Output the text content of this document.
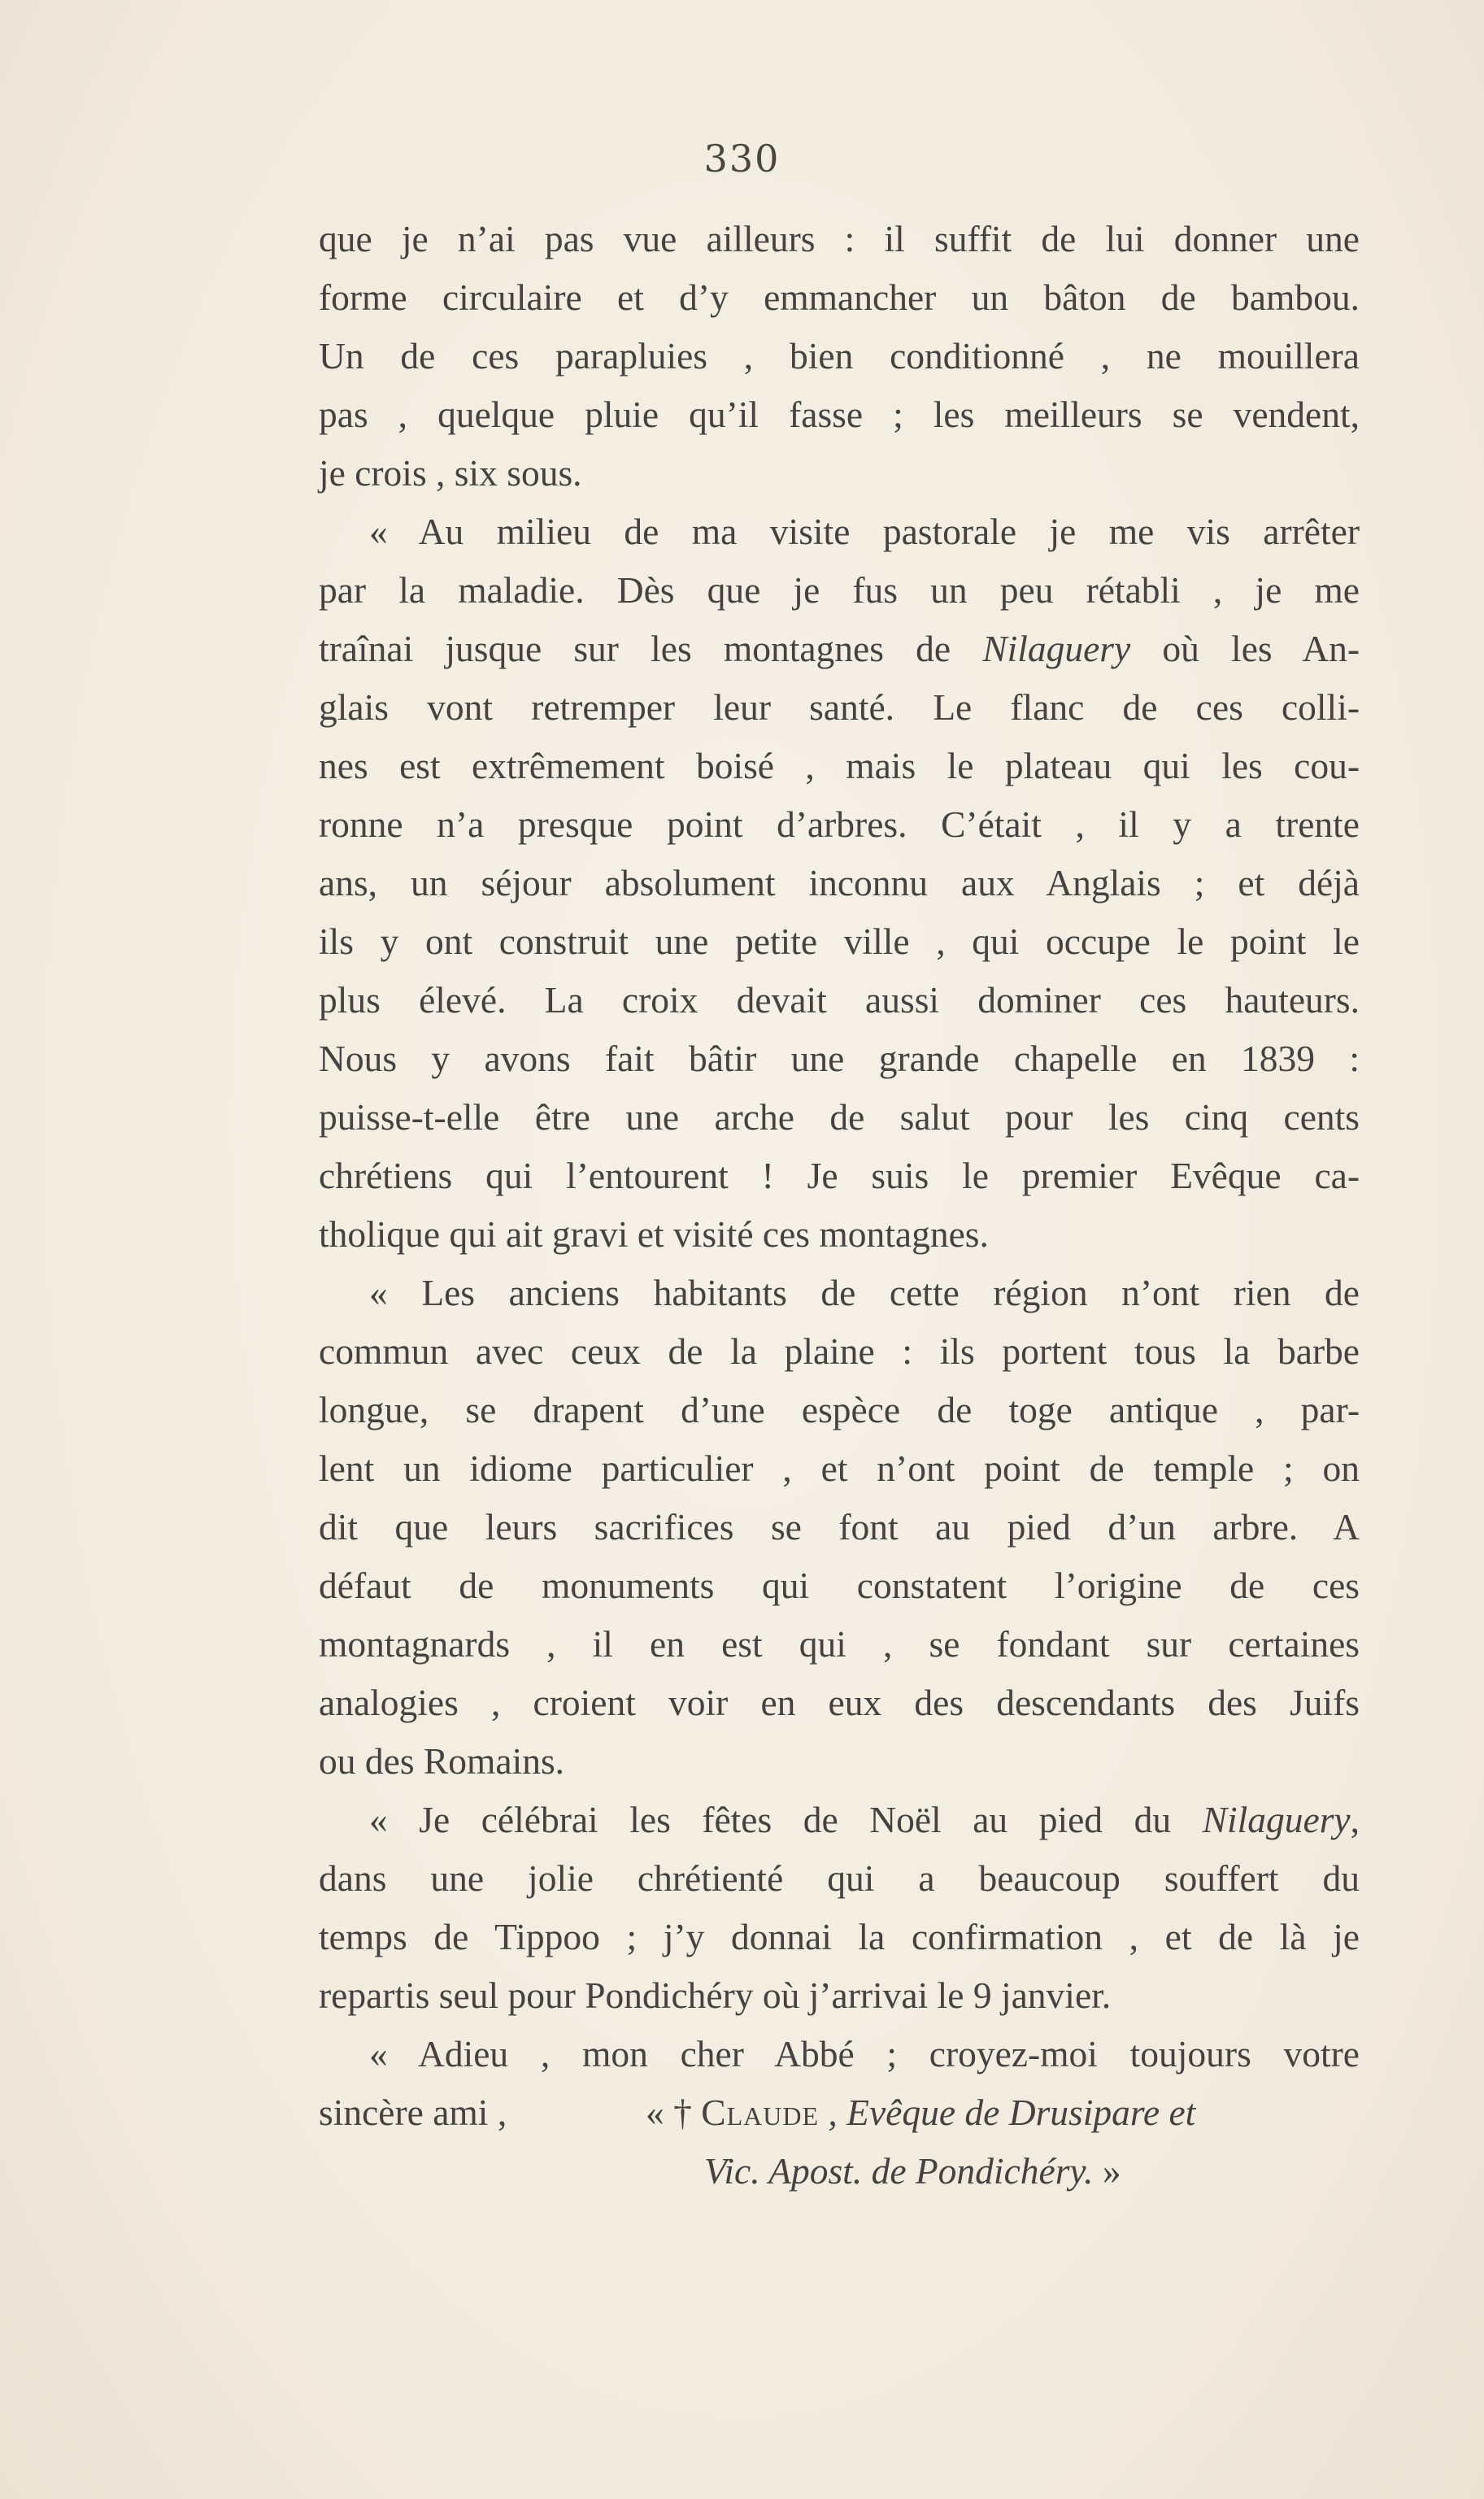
330
que je n’ai pas vue ailleurs : il suffit de lui donner une
forme circulaire et d’y emmancher un bâton de bambou.
Un de ces parapluies , bien conditionné , ne mouillera
pas , quelque pluie qu’il fasse ; les meilleurs se vendent,
je crois , six sous.
« Au milieu de ma visite pastorale je me vis arrêter
par la maladie. Dès que je fus un peu rétabli , je me
traînai jusque sur les montagnes de Nilaguery où les An-
glais vont retremper leur santé. Le flanc de ces colli-
nes est extrêmement boisé , mais le plateau qui les cou-
ronne n’a presque point d’arbres. C’était , il y a trente
ans, un séjour absolument inconnu aux Anglais ; et déjà
ils y ont construit une petite ville , qui occupe le point le
plus élevé. La croix devait aussi dominer ces hauteurs.
Nous y avons fait bâtir une grande chapelle en 1839 :
puisse-t-elle être une arche de salut pour les cinq cents
chrétiens qui l’entourent ! Je suis le premier Evêque ca-
tholique qui ait gravi et visité ces montagnes.
« Les anciens habitants de cette région n’ont rien de
commun avec ceux de la plaine : ils portent tous la barbe
longue, se drapent d’une espèce de toge antique , par-
lent un idiome particulier , et n’ont point de temple ; on
dit que leurs sacrifices se font au pied d’un arbre. A
défaut de monuments qui constatent l’origine de ces
montagnards , il en est qui , se fondant sur certaines
analogies , croient voir en eux des descendants des Juifs
ou des Romains.
« Je célébrai les fêtes de Noël au pied du Nilaguery,
dans une jolie chrétienté qui a beaucoup souffert du
temps de Tippoo ; j’y donnai la confirmation , et de là je
repartis seul pour Pondichéry où j’arrivai le 9 janvier.
« Adieu , mon cher Abbé ; croyez-moi toujours votre
sincère ami ,	« † Claude , Evêque de Drusipare et
Vic. Apost. de Pondichéry. »
